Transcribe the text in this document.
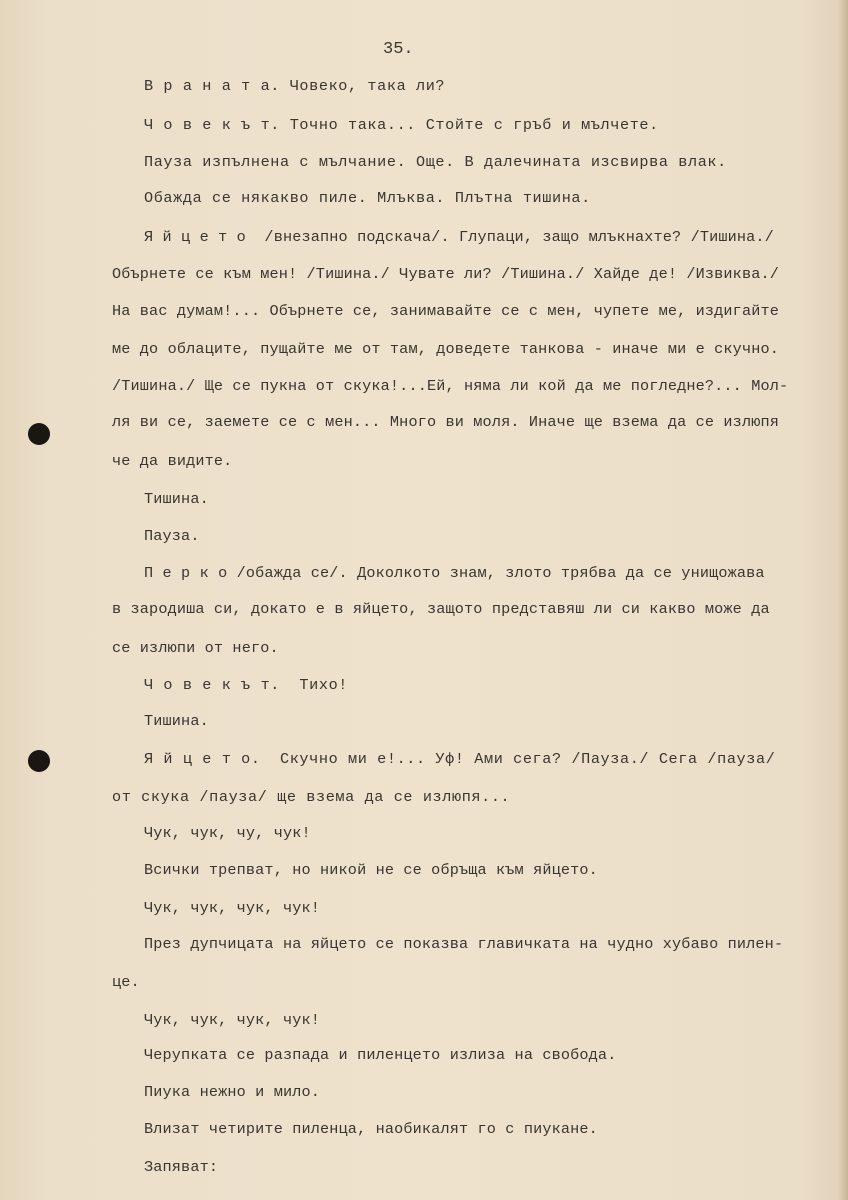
35.
В р а н а т а. Човеко, така ли?
Ч о в е к ъ т. Точно така... Стойте с гръб и мълчете.
Пауза изпълнена с мълчание. Още. В далечината изсвирва влак.
Обажда се някакво пиле. Млъква. Плътна тишина.
Я й ц е т о  /внезапно подскача/. Глупаци, защо млъкнахте? /Тишина./
Обърнете се към мен! /Тишина./ Чувате ли? /Тишина./ Хайде де! /Извиква./
На вас думам!... Обърнете се, занимавайте се с мен, чупете ме, издигайте
ме до облаците, пущайте ме от там, доведете танкова - иначе ми е скучно.
/Тишина./ Ще се пукна от скука!...Ей, няма ли кой да ме погледне?... Мол-
ля ви се, заемете се с мен... Много ви моля. Иначе ще взема да се излюпя
че да видите.
Тишина.
Пауза.
П е р к о /обажда се/. Доколкото знам, злото трябва да се унищожава
в зародиша си, докато е в яйцето, защото представяш ли си какво може да
се излюпи от него.
Ч о в е к ъ т.  Тихо!
Тишина.
Я й ц е т о.  Скучно ми е!... Уф! Ами сега? /Пауза./ Сега /пауза/
от скука /пауза/ ще взема да се излюпя...
Чук, чук, чу, чук!
Всички трепват, но никой не се обръща към яйцето.
Чук, чук, чук, чук!
През дупчицата на яйцето се показва главичката на чудно хубаво пилен-
це.
Чук, чук, чук, чук!
Черупката се разпада и пиленцето излиза на свобода.
Пиука нежно и мило.
Влизат четирите пиленца, наобикалят го с пиукане.
Запяват:
